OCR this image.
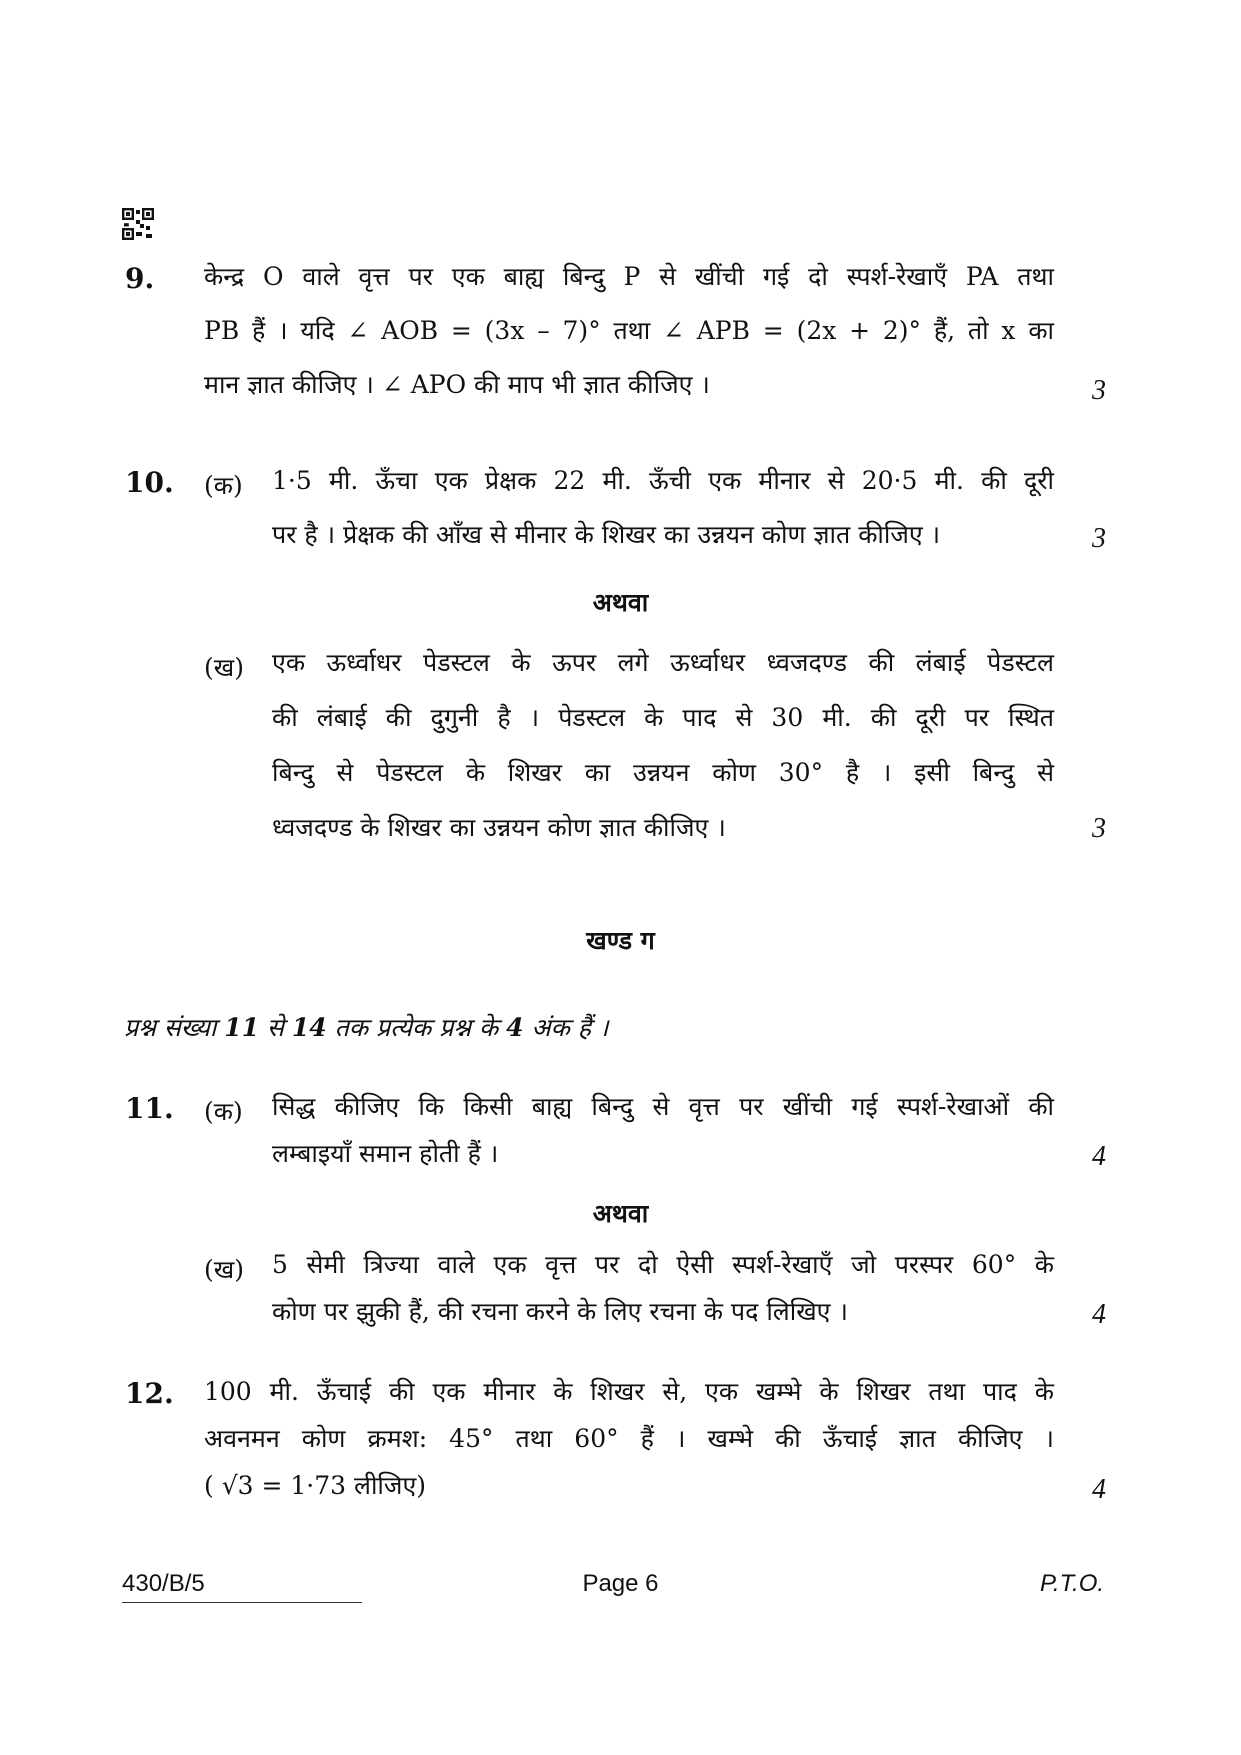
9. केन्द्र O वाले वृत्त पर एक बाह्य बिन्दु P से खींची गई दो स्पर्श-रेखाएँ PA तथा
PB हैं । यदि ∠ AOB = (3x – 7)° तथा ∠ APB = (2x + 2)° हैं, तो x का
मान ज्ञात कीजिए । ∠ APO की माप भी ज्ञात कीजिए ।	3
10. (क) 1·5 मी. ऊँचा एक प्रेक्षक 22 मी. ऊँची एक मीनार से 20·5 मी. की दूरी
पर है । प्रेक्षक की आँख से मीनार के शिखर का उन्नयन कोण ज्ञात कीजिए ।	3
अथवा
(ख) एक ऊर्ध्वाधर पेडस्टल के ऊपर लगे ऊर्ध्वाधर ध्वजदण्ड की लंबाई पेडस्टल
की लंबाई की दुगुनी है । पेडस्टल के पाद से 30 मी. की दूरी पर स्थित
बिन्दु से पेडस्टल के शिखर का उन्नयन कोण 30° है । इसी बिन्दु से
ध्वजदण्ड के शिखर का उन्नयन कोण ज्ञात कीजिए ।	3
खण्ड ग
प्रश्न संख्या 11 से 14 तक प्रत्येक प्रश्न के 4 अंक हैं ।
11. (क) सिद्ध कीजिए कि किसी बाह्य बिन्दु से वृत्त पर खींची गई स्पर्श-रेखाओं की
लम्बाइयाँ समान होती हैं ।	4
अथवा
(ख) 5 सेमी त्रिज्या वाले एक वृत्त पर दो ऐसी स्पर्श-रेखाएँ जो परस्पर 60° के
कोण पर झुकी हैं, की रचना करने के लिए रचना के पद लिखिए ।	4
12. 100 मी. ऊँचाई की एक मीनार के शिखर से, एक खम्भे के शिखर तथा पाद के
अवनमन कोण क्रमश: 45° तथा 60° हैं । खम्भे की ऊँचाई ज्ञात कीजिए ।
( √3 = 1·73 लीजिए)	4
430/B/5	Page 6	P.T.O.
